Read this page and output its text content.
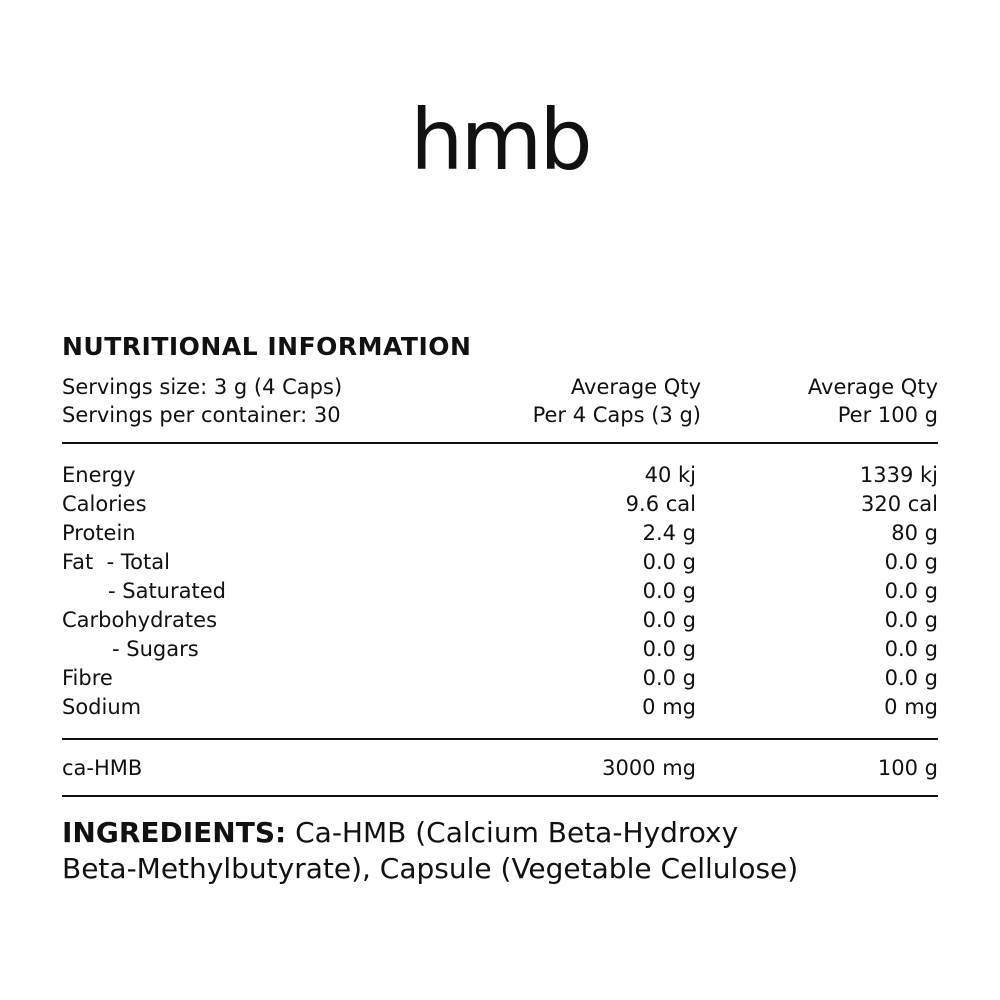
hmb
NUTRITIONAL INFORMATION
Servings size: 3 g (4 Caps)	Average Qty	Average Qty
Servings per container: 30	Per 4 Caps (3 g)	Per 100 g
Energy	40 kj	1339 kj
Calories	9.6 cal	320 cal
Protein	2.4 g	80 g
Fat  - Total	0.0 g	0.0 g
- Saturated	0.0 g	0.0 g
Carbohydrates	0.0 g	0.0 g
- Sugars	0.0 g	0.0 g
Fibre	0.0 g	0.0 g
Sodium	0 mg	0 mg
ca-HMB	3000 mg	100 g
INGREDIENTS: Ca-HMB (Calcium Beta-Hydroxy
Beta-Methylbutyrate), Capsule (Vegetable Cellulose)
